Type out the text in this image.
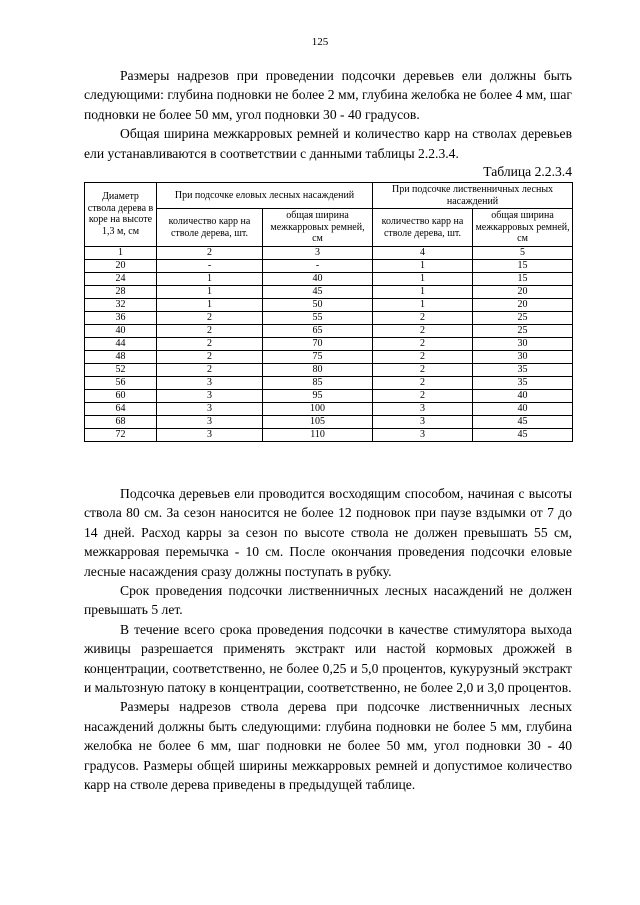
125

Размеры надрезов при проведении подсочки деревьев ели должны быть следующими: глубина подновки не более 2 мм, глубина желобка не более 4 мм, шаг подновки не более 50 мм, угол подновки 30 - 40 градусов.

Общая ширина межкарровых ремней и количество карр на стволах деревьев ели устанавливаются в соответствии с данными таблицы 2.2.3.4.

Таблица 2.2.3.4
Диаметр ствола дерева в коре на высоте 1,3 м, см	При подсочке еловых лесных насаждений		При подсочке лиственничных лесных насаждений	
	количество карр на стволе дерева, шт.	общая ширина межкарровых ремней, см	количество карр на стволе дерева, шт.	общая ширина межкарровых ремней, см
1	2	3	4	5
20	-	-	1	15
24	1	40	1	15
28	1	45	1	20
32	1	50	1	20
36	2	55	2	25
40	2	65	2	25
44	2	70	2	30
48	2	75	2	30
52	2	80	2	35
56	3	85	2	35
60	3	95	2	40
64	3	100	3	40
68	3	105	3	45
72	3	110	3	45

Подсочка деревьев ели проводится восходящим способом, начиная с высоты ствола 80 см. За сезон наносится не более 12 подновок при паузе вздымки от 7 до 14 дней. Расход карры за сезон по высоте ствола не должен превышать 55 см, межкарровая перемычка - 10 см. После окончания проведения подсочки еловые лесные насаждения сразу должны поступать в рубку.

Срок проведения подсочки лиственничных лесных насаждений не должен превышать 5 лет.

В течение всего срока проведения подсочки в качестве стимулятора выхода живицы разрешается применять экстракт или настой кормовых дрожжей в концентрации, соответственно, не более 0,25 и 5,0 процентов, кукурузный экстракт и мальтозную патоку в концентрации, соответственно, не более 2,0 и 3,0 процентов.

Размеры надрезов ствола дерева при подсочке лиственничных лесных насаждений должны быть следующими: глубина подновки не более 5 мм, глубина желобка не более 6 мм, шаг подновки не более 50 мм, угол подновки 30 - 40 градусов. Размеры общей ширины межкарровых ремней и допустимое количество карр на стволе дерева приведены в предыдущей таблице.
